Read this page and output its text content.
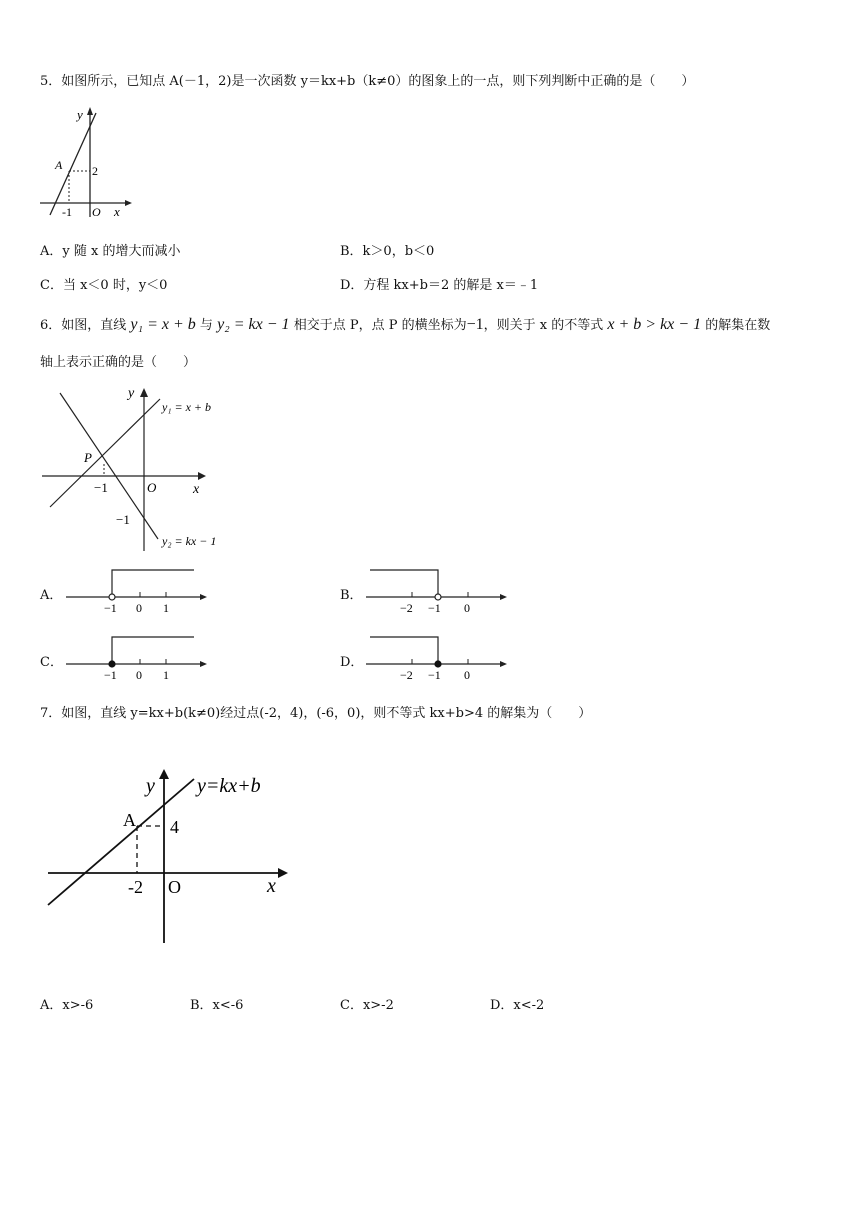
5．如图所示，已知点 A(－1，2)是一次函数 y＝kx+b（k≠0）的图象上的一点，则下列判断中正确的是（　　）
y
A 2
-1 O x
A．y 随 x 的增大而减小	B．k＞0，b＜0
C．当 x＜0 时，y＜0	D．方程 kx+b＝2 的解是 x＝﹣1
6．如图，直线 y₁ = x + b 与 y₂ = kx − 1 相交于点 P，点 P 的横坐标为−1，则关于 x 的不等式 x + b > kx − 1 的解集在数
轴上表示正确的是（　　）
y
y₁ = x + b
P
−1	O	x
−1
y₂ = kx − 1
A．
−1 0 1
B．
−2 −1 0
C．
−1 0 1
D．
−2 −1 0
7．如图，直线 y=kx+b(k≠0)经过点(-2，4)，(-6，0)，则不等式 kx+b>4 的解集为（　　）
y y=kx+b
A 4
-2 O	x
A．x>-6	B．x<-6	C．x>-2	D．x<-2
